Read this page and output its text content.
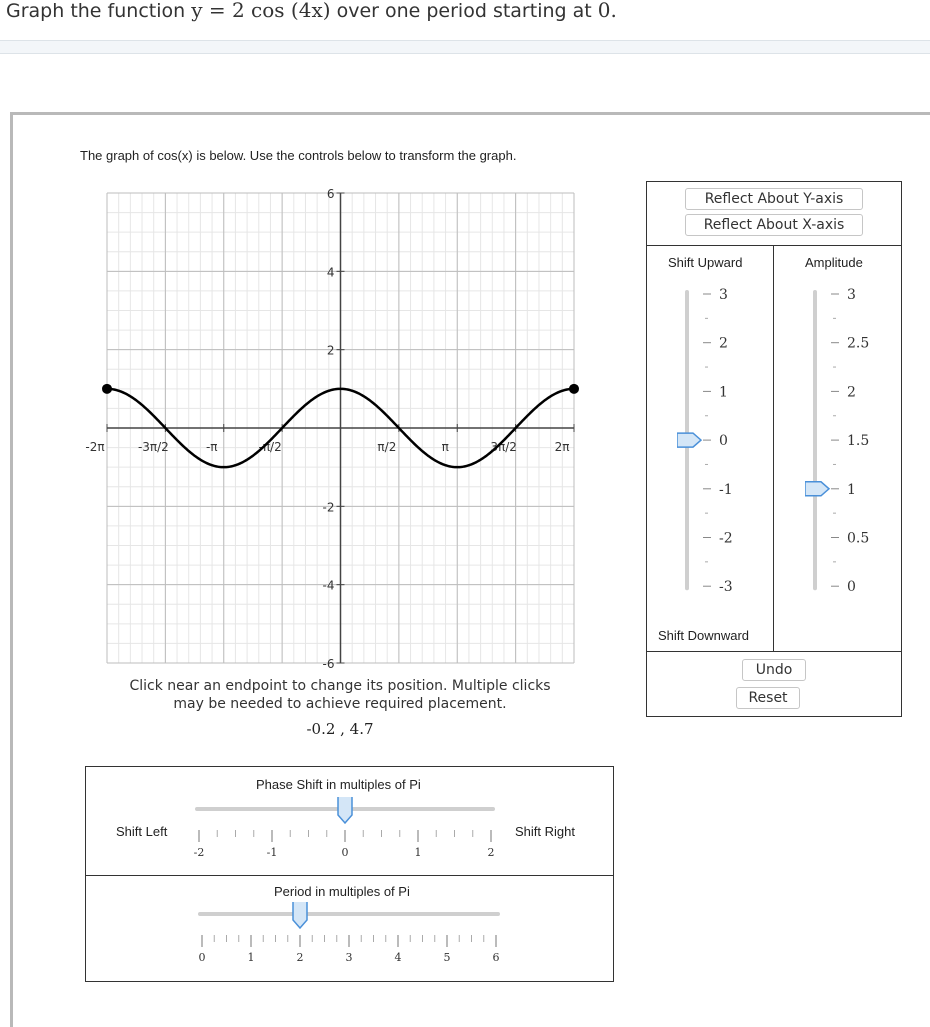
Graph the function y = 2 cos (4x) over one period starting at 0.
The graph of cos(x) is below. Use the controls below to transform the graph.
-2π	-3π/2	-π	-π/2	π/2	π	3π/2	2π
6
4
2
-2
-4
-6
Click near an endpoint to change its position. Multiple clicks
may be needed to achieve required placement.
-0.2 , 4.7
Reflect About Y-axis
Reflect About X-axis
Shift Upward	Amplitude
3
2
1
0
-1
-2
-3
3
2.5
2
1.5
1
0.5
0
Shift Downward
Undo
Reset
Phase Shift in multiples of Pi
Shift Left	Shift Right
-2	-1	0	1	2
Period in multiples of Pi
0	1	2	3	4	5	6
